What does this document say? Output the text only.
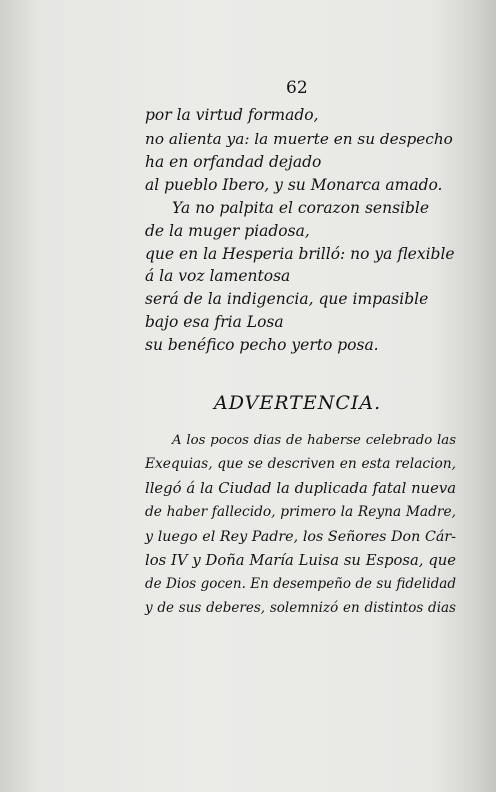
62
por la virtud formado,
no alienta ya: la muerte en su despecho
ha en orfandad dejado
al pueblo Ibero, y su Monarca amado.
Ya no palpita el corazon sensible
de la muger piadosa,
que en la Hesperia brilló: no ya flexible
á la voz lamentosa
será de la indigencia, que impasible
bajo esa fria Losa
su benéfico pecho yerto posa.
ADVERTENCIA.
A los pocos dias de haberse celebrado las
Exequias, que se descriven en esta relacion,
llegó á la Ciudad la duplicada fatal nueva
de haber fallecido, primero la Reyna Madre,
y luego el Rey Padre, los Señores Don Cár-
los IV y Doña María Luisa su Esposa, que
de Dios gocen. En desempeño de su fidelidad
y de sus deberes, solemnizó en distintos dias
